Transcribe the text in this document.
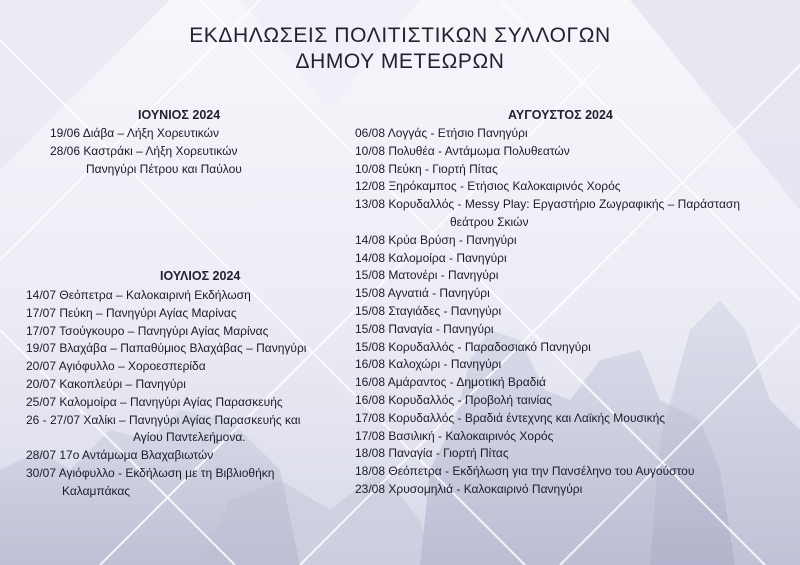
ΕΚΔΗΛΩΣΕΙΣ ΠΟΛΙΤΙΣΤΙΚΩΝ ΣΥΛΛΟΓΩΝ
ΔΗΜΟΥ ΜΕΤΕΩΡΩΝ
ΙΟΥΝΙΟΣ 2024
19/06 Διάβα – Λήξη Χορευτικών
28/06 Καστράκι – Λήξη Χορευτικών
Πανηγύρι Πέτρου και Παύλου
ΙΟΥΛΙΟΣ 2024
14/07 Θεόπετρα – Καλοκαιρινή Εκδήλωση
17/07 Πεύκη – Πανηγύρι Αγίας Μαρίνας
17/07 Τσούγκουρο – Πανηγύρι Αγίας Μαρίνας
19/07 Βλαχάβα – Παπαθύμιος Βλαχάβας – Πανηγύρι
20/07 Αγιόφυλλο – Χοροεσπερίδα
20/07 Κακοπλεύρι – Πανηγύρι
25/07 Καλομοίρα – Πανηγύρι Αγίας Παρασκευής
26 - 27/07 Χαλίκι – Πανηγύρι Αγίας Παρασκευής και
Αγίου Παντελεήμονα.
28/07 17ο Αντάμωμα Βλαχαβιωτών
30/07 Αγιόφυλλο - Εκδήλωση με τη Βιβλιοθήκη
Καλαμπάκας
ΑΥΓΟΥΣΤΟΣ 2024
06/08 Λογγάς - Ετήσιο Πανηγύρι
10/08 Πολυθέα - Αντάμωμα Πολυθεατών
10/08 Πεύκη - Γιορτή Πίτας
12/08 Ξηρόκαμπος - Ετήσιος Καλοκαιρινός Χορός
13/08 Κορυδαλλός - Messy Play: Εργαστήριο Ζωγραφικής – Παράσταση
θεάτρου Σκιών
14/08 Κρύα Βρύση - Πανηγύρι
14/08 Καλομοίρα - Πανηγύρι
15/08 Ματονέρι - Πανηγύρι
15/08 Αγνατιά - Πανηγύρι
15/08 Σταγιάδες - Πανηγύρι
15/08 Παναγία - Πανηγύρι
15/08 Κορυδαλλός - Παραδοσιακό Πανηγύρι
16/08 Καλοχώρι - Πανηγύρι
16/08 Αμάραντος - Δημοτική Βραδιά
16/08 Κορυδαλλός - Προβολή ταινίας
17/08 Κορυδαλλός - Βραδιά έντεχνης και Λαϊκής Μουσικής
17/08 Βασιλική - Καλοκαιρινός Χορός
18/08 Παναγία - Γιορτή Πίτας
18/08 Θεόπετρα - Εκδήλωση για την Πανσέληνο του Αυγούστου
23/08 Χρυσομηλιά - Καλοκαιρινό Πανηγύρι
